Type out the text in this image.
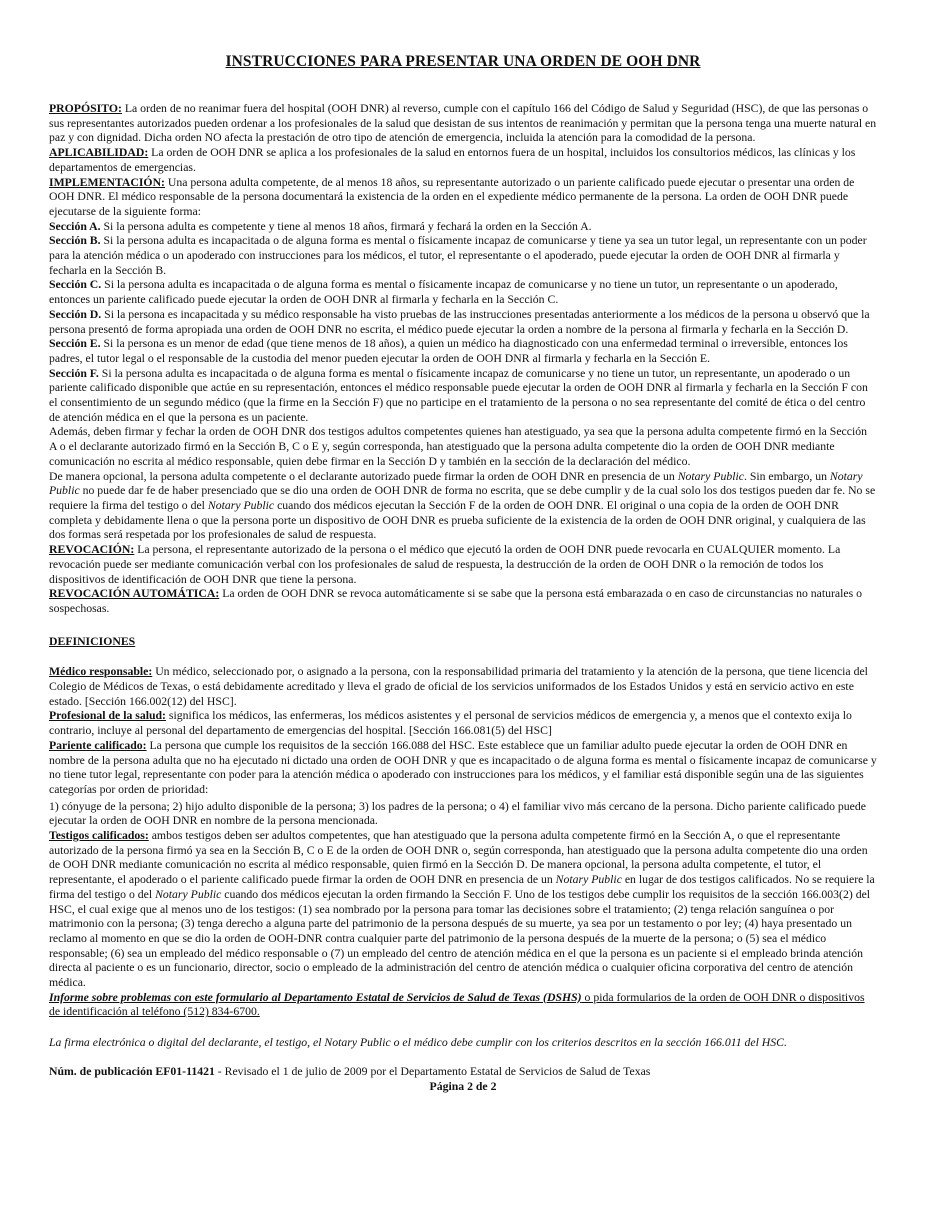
INSTRUCCIONES PARA PRESENTAR UNA ORDEN DE OOH DNR

PROPÓSITO: La orden de no reanimar fuera del hospital (OOH DNR) al reverso, cumple con el capítulo 166 del Código de Salud y Seguridad (HSC), de que las personas o sus representantes autorizados pueden ordenar a los profesionales de la salud que desistan de sus intentos de reanimación y permitan que la persona tenga una muerte natural en paz y con dignidad. Dicha orden NO afecta la prestación de otro tipo de atención de emergencia, incluida la atención para la comodidad de la persona.

APLICABILIDAD: La orden de OOH DNR se aplica a los profesionales de la salud en entornos fuera de un hospital, incluidos los consultorios médicos, las clínicas y los departamentos de emergencias.

IMPLEMENTACIÓN: Una persona adulta competente, de al menos 18 años, su representante autorizado o un pariente calificado puede ejecutar o presentar una orden de OOH DNR. El médico responsable de la persona documentará la existencia de la orden en el expediente médico permanente de la persona. La orden de OOH DNR puede ejecutarse de la siguiente forma:

Sección A. Si la persona adulta es competente y tiene al menos 18 años, firmará y fechará la orden en la Sección A.

Sección B. Si la persona adulta es incapacitada o de alguna forma es mental o físicamente incapaz de comunicarse y tiene ya sea un tutor legal, un representante con un poder para la atención médica o un apoderado con instrucciones para los médicos, el tutor, el representante o el apoderado, puede ejecutar la orden de OOH DNR al firmarla y fecharla en la Sección B.

Sección C. Si la persona adulta es incapacitada o de alguna forma es mental o físicamente incapaz de comunicarse y no tiene un tutor, un representante o un apoderado, entonces un pariente calificado puede ejecutar la orden de OOH DNR al firmarla y fecharla en la Sección C.

Sección D. Si la persona es incapacitada y su médico responsable ha visto pruebas de las instrucciones presentadas anteriormente a los médicos de la persona u observó que la persona presentó de forma apropiada una orden de OOH DNR no escrita, el médico puede ejecutar la orden a nombre de la persona al firmarla y fecharla en la Sección D.

Sección E. Si la persona es un menor de edad (que tiene menos de 18 años), a quien un médico ha diagnosticado con una enfermedad terminal o irreversible, entonces los padres, el tutor legal o el responsable de la custodia del menor pueden ejecutar la orden de OOH DNR al firmarla y fecharla en la Sección E.

Sección F. Si la persona adulta es incapacitada o de alguna forma es mental o físicamente incapaz de comunicarse y no tiene un tutor, un representante, un apoderado o un pariente calificado disponible que actúe en su representación, entonces el médico responsable puede ejecutar la orden de OOH DNR al firmarla y fecharla en la Sección F con el consentimiento de un segundo médico (que la firme en la Sección F) que no participe en el tratamiento de la persona o no sea representante del comité de ética o del centro de atención médica en el que la persona es un paciente.

Además, deben firmar y fechar la orden de OOH DNR dos testigos adultos competentes quienes han atestiguado, ya sea que la persona adulta competente firmó en la Sección A o el declarante autorizado firmó en la Sección B, C o E y, según corresponda, han atestiguado que la persona adulta competente dio la orden de OOH DNR mediante comunicación no escrita al médico responsable, quien debe firmar en la Sección D y también en la sección de la declaración del médico.

De manera opcional, la persona adulta competente o el declarante autorizado puede firmar la orden de OOH DNR en presencia de un Notary Public. Sin embargo, un Notary Public no puede dar fe de haber presenciado que se dio una orden de OOH DNR de forma no escrita, que se debe cumplir y de la cual solo los dos testigos pueden dar fe. No se requiere la firma del testigo o del Notary Public cuando dos médicos ejecutan la Sección F de la orden de OOH DNR. El original o una copia de la orden de OOH DNR completa y debidamente llena o que la persona porte un dispositivo de OOH DNR es prueba suficiente de la existencia de la orden de OOH DNR original, y cualquiera de las dos formas será respetada por los profesionales de salud de respuesta.

REVOCACIÓN: La persona, el representante autorizado de la persona o el médico que ejecutó la orden de OOH DNR puede revocarla en CUALQUIER momento. La revocación puede ser mediante comunicación verbal con los profesionales de salud de respuesta, la destrucción de la orden de OOH DNR o la remoción de todos los dispositivos de identificación de OOH DNR que tiene la persona.

REVOCACIÓN AUTOMÁTICA: La orden de OOH DNR se revoca automáticamente si se sabe que la persona está embarazada o en caso de circunstancias no naturales o sospechosas.

DEFINICIONES

Médico responsable: Un médico, seleccionado por, o asignado a la persona, con la responsabilidad primaria del tratamiento y la atención de la persona, que tiene licencia del Colegio de Médicos de Texas, o está debidamente acreditado y lleva el grado de oficial de los servicios uniformados de los Estados Unidos y está en servicio activo en este estado. [Sección 166.002(12) del HSC].

Profesional de la salud: significa los médicos, las enfermeras, los médicos asistentes y el personal de servicios médicos de emergencia y, a menos que el contexto exija lo contrario, incluye al personal del departamento de emergencias del hospital. [Sección 166.081(5) del HSC]

Pariente calificado: La persona que cumple los requisitos de la sección 166.088 del HSC. Este establece que un familiar adulto puede ejecutar la orden de OOH DNR en nombre de la persona adulta que no ha ejecutado ni dictado una orden de OOH DNR y que es incapacitado o de alguna forma es mental o físicamente incapaz de comunicarse y no tiene tutor legal, representante con poder para la atención médica o apoderado con instrucciones para los médicos, y el familiar está disponible según una de las siguientes categorías por orden de prioridad:

1) cónyuge de la persona; 2) hijo adulto disponible de la persona; 3) los padres de la persona; o 4) el familiar vivo más cercano de la persona. Dicho pariente calificado puede ejecutar la orden de OOH DNR en nombre de la persona mencionada.

Testigos calificados: ambos testigos deben ser adultos competentes, que han atestiguado que la persona adulta competente firmó en la Sección A, o que el representante autorizado de la persona firmó ya sea en la Sección B, C o E de la orden de OOH DNR o, según corresponda, han atestiguado que la persona adulta competente dio una orden de OOH DNR mediante comunicación no escrita al médico responsable, quien firmó en la Sección D. De manera opcional, la persona adulta competente, el tutor, el representante, el apoderado o el pariente calificado puede firmar la orden de OOH DNR en presencia de un Notary Public en lugar de dos testigos calificados. No se requiere la firma del testigo o del Notary Public cuando dos médicos ejecutan la orden firmando la Sección F. Uno de los testigos debe cumplir los requisitos de la sección 166.003(2) del HSC, el cual exige que al menos uno de los testigos: (1) sea nombrado por la persona para tomar las decisiones sobre el tratamiento; (2) tenga relación sanguínea o por matrimonio con la persona; (3) tenga derecho a alguna parte del patrimonio de la persona después de su muerte, ya sea por un testamento o por ley; (4) haya presentado un reclamo al momento en que se dio la orden de OOH-DNR contra cualquier parte del patrimonio de la persona después de la muerte de la persona; o (5) sea el médico responsable; (6) sea un empleado del médico responsable o (7) un empleado del centro de atención médica en el que la persona es un paciente si el empleado brinda atención directa al paciente o es un funcionario, director, socio o empleado de la administración del centro de atención médica o cualquier oficina corporativa del centro de atención médica.

Informe sobre problemas con este formulario al Departamento Estatal de Servicios de Salud de Texas (DSHS) o pida formularios de la orden de OOH DNR o dispositivos de identificación al teléfono (512) 834-6700.

La firma electrónica o digital del declarante, el testigo, el Notary Public o el médico debe cumplir con los criterios descritos en la sección 166.011 del HSC.

Núm. de publicación EF01-11421 - Revisado el 1 de julio de 2009 por el Departamento Estatal de Servicios de Salud de Texas

Página 2 de 2
